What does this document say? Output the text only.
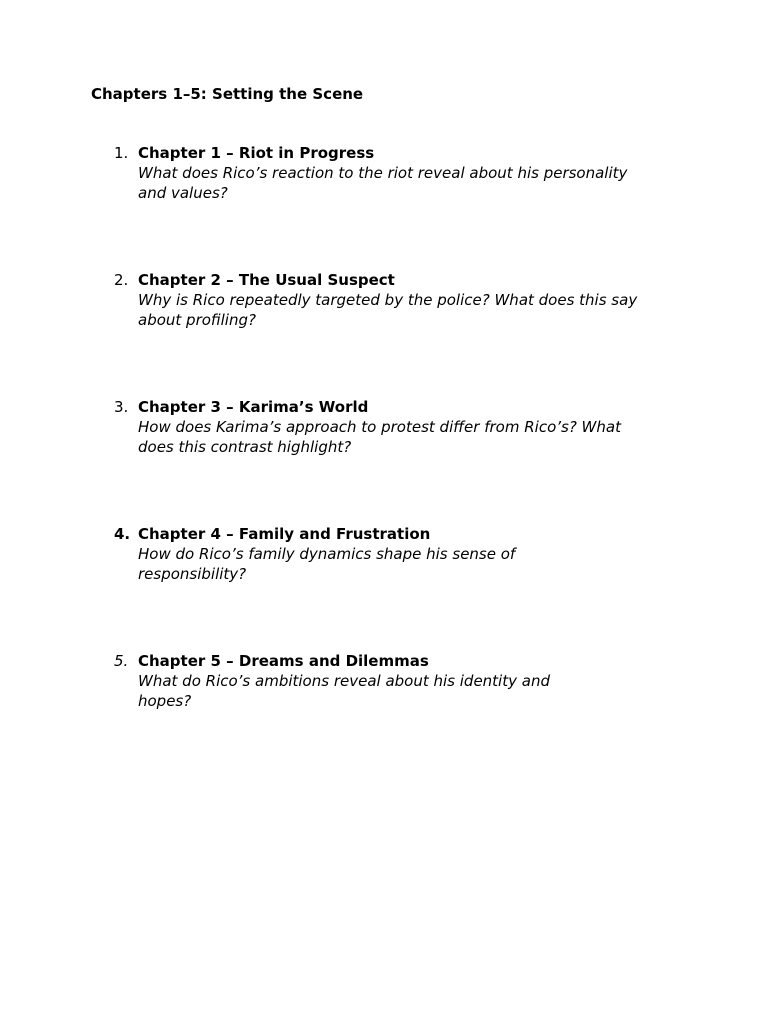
Chapters 1–5: Setting the Scene
1. Chapter 1 – Riot in Progress
What does Rico’s reaction to the riot reveal about his personality
and values?
2. Chapter 2 – The Usual Suspect
Why is Rico repeatedly targeted by the police? What does this say
about profiling?
3. Chapter 3 – Karima’s World
How does Karima’s approach to protest differ from Rico’s? What
does this contrast highlight?
4. Chapter 4 – Family and Frustration
How do Rico’s family dynamics shape his sense of
responsibility?
5. Chapter 5 – Dreams and Dilemmas
What do Rico’s ambitions reveal about his identity and
hopes?
